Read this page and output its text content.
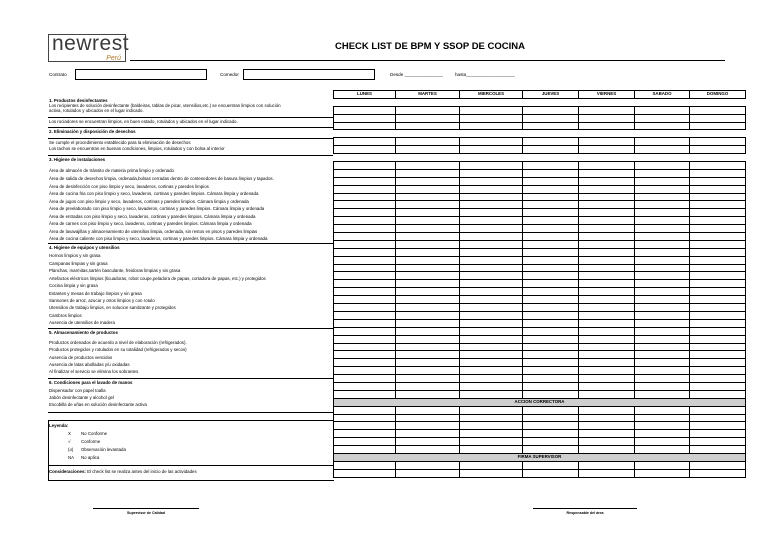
newrest
Perú
CHECK LIST DE BPM Y SSOP DE COCINA
Contrato	Comedor	Desde _______________	hasta___________________
LUNES	MARTES	MIERCOLES	JUEVES	VIERNES	SABADO	DOMINGO

ACCION CORRECTORA						

FIRMA SUPERVISOR						

1. Productos desinfectantes
Los recipientes de solución desinfectante (baldeiras, tablas de picar, utensilios,etc.) se encuentran limpios con solución
activa, rotulados y ubicados en el lugar indicado.
Los rociadores se encuentran limpios, en buen estado, rotulados y ubicados en el lugar indicado.
2. Eliminación y disposición de desechos
Se cumple el procedimiento establecido para la eliminación de desechos
Los tachos se encuentran en buenas condiciones, limpios, rotulados y con bolsa al interior
3. Higiene de instalaciones
Área de almacén de tránsito de materia prima limpio y ordenado
Área de salida de desechos limpia, ordenada,bolsas cerradas dentro de contenedores de basura limpios y tapados.
Área de desinfección con piso limpio y seco, lavaderos, cortinas y paredes limpios
Área de cocina fria con piso limpio y seco, lavaderos, cortinas y paredes limpios. Cámara limpia y ordenada
Área de jugos con piso limpio y seco, lavaderos, cortinas y paredes limpios. Cámara limpia y ordenada
Área de preelaborado con piso limpio y seco, lavaderos, cortinas y paredes limpios. Cámara limpia y ordenada
Área de entradas con piso limpio y seco, lavaderos, cortinas y paredes limpios. Cámara limpia y ordenada
Área de carnes con piso limpio y seco, lavaderos, cortinas y paredes limpios. Cámara limpia y ordenada
Área de lavavajillas y almacenamiento de utensilios limpia, ordenada, sin restos en pisos y paredes limpias
Área de cocina caliente con piso limpio y seco, lavaderos, cortinas y paredes limpios. Cámara limpia y ordenada
4. Higiene de equipos y utensilios
Hornos limpios y sin grasa
Campanas limpias y sin grasa
Planchas, marmitas,sartén basculante, freidoras limpias y sin grasa
Artefactos eléctricos limpios (licuadoras, robot coupe,peladora de papas, cortadora de papas, etc.) y protegidos
Cocina limpia y sin grasa
Estantes y mesas de trabajo limpios y sin grasa
Sansones de arroz, azucar y otros limpios y con rotulo
Utensilios de trabajo limpios, en solucion sanitizante y protegidos
Cambros limpios
Ausencia de utensilios de madera
5. Almacenamiento de productos
Productos ordenados de acuerdo a nivel de elaboración (refrigerados).
Productos protegidos y rotulados en su totalidad (refrigerados y secos)
Ausencia de productos vencidos
Ausencia de latas abolladas y/u oxidadas
Al finalizar el servicio se elimina los sobrantes
6. Condiciones para el lavado de manos
Dispensador con papel toalla
Jabón desinfectante y alcohol gel
Escobilla de uñas en solución desinfectante activa
Leyenda:
X No Conforme
√ Conforme
(o) Observación levantada
NA No aplica
Consideraciones: El check list se realiza antes del inicio de las actividades
Supervisor de Calidad	Responsable del área
